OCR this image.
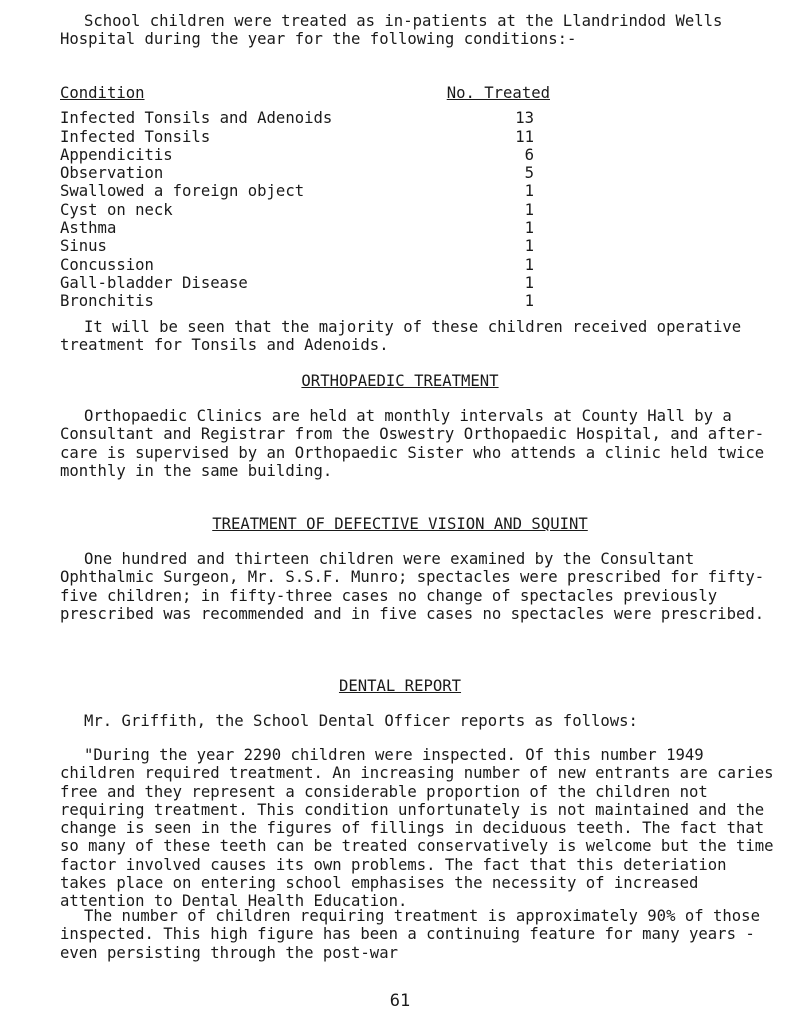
School children were treated as in-patients at the Llandrindod Wells Hospital during the year for the following conditions:-

Condition	No. Treated
Infected Tonsils and Adenoids	13
Infected Tonsils	11
Appendicitis	6
Observation	5
Swallowed a foreign object	1
Cyst on neck	1
Asthma	1
Sinus	1
Concussion	1
Gall-bladder Disease	1
Bronchitis	1

It will be seen that the majority of these children received operative treatment for Tonsils and Adenoids.

ORTHOPAEDIC TREATMENT

Orthopaedic Clinics are held at monthly intervals at County Hall by a Consultant and Registrar from the Oswestry Orthopaedic Hospital, and after-care is supervised by an Orthopaedic Sister who attends a clinic held twice monthly in the same building.

TREATMENT OF DEFECTIVE VISION AND SQUINT

One hundred and thirteen children were examined by the Consultant Ophthalmic Surgeon, Mr. S.S.F. Munro; spectacles were prescribed for fifty-five children; in fifty-three cases no change of spectacles previously prescribed was recommended and in five cases no spectacles were prescribed.

DENTAL REPORT

Mr. Griffith, the School Dental Officer reports as follows:

"During the year 2290 children were inspected. Of this number 1949 children required treatment. An increasing number of new entrants are caries free and they represent a considerable proportion of the children not requiring treatment. This condition unfortunately is not maintained and the change is seen in the figures of fillings in deciduous teeth. The fact that so many of these teeth can be treated conservatively is welcome but the time factor involved causes its own problems. The fact that this deteriation takes place on entering school emphasises the necessity of increased attention to Dental Health Education.

The number of children requiring treatment is approximately 90% of those inspected. This high figure has been a continuing feature for many years - even persisting through the post-war

61
